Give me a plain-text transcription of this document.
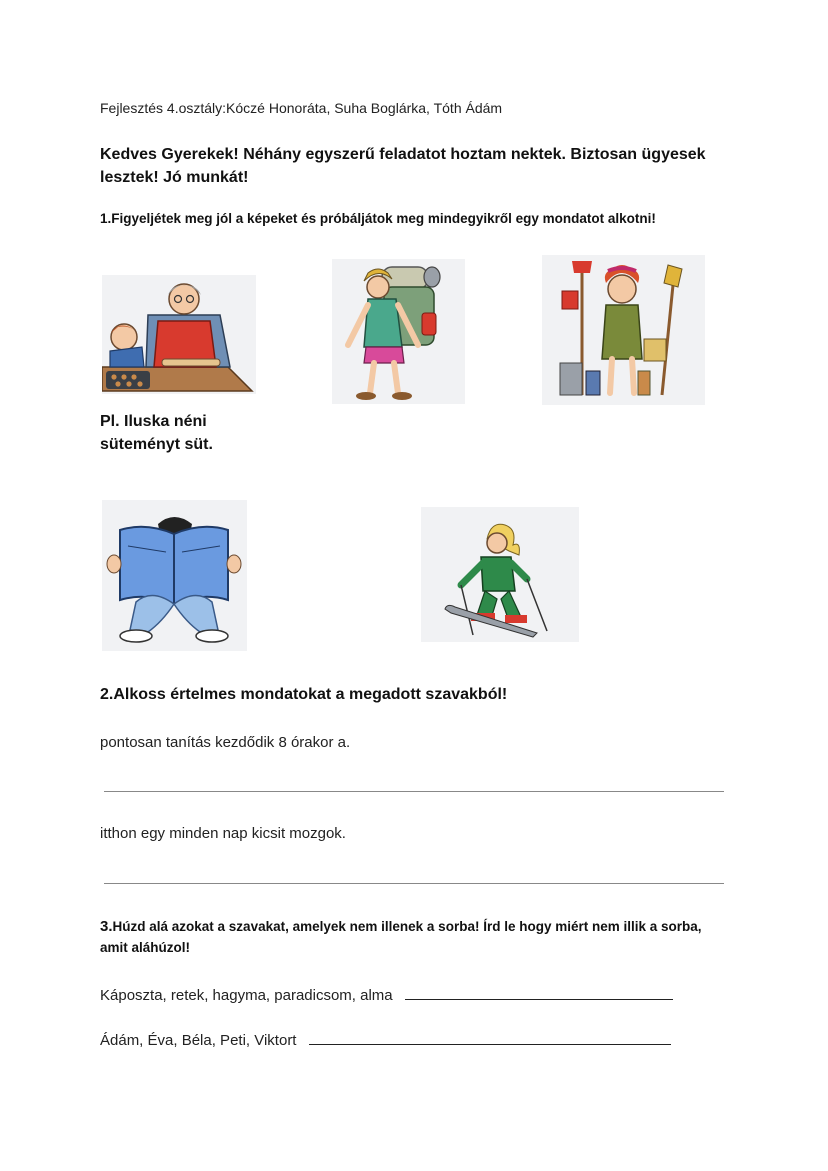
Fejlesztés 4.osztály:Kóczé Honoráta, Suha Boglárka, Tóth Ádám
Kedves Gyerekek! Néhány egyszerű feladatot hoztam nektek. Biztosan ügyesek lesztek! Jó munkát!
1.Figyeljétek meg jól a képeket és próbáljátok meg mindegyikről egy mondatot alkotni!
Pl. Iluska néni
süteményt süt.
2.Alkoss értelmes mondatokat a megadott szavakból!
pontosan tanítás kezdődik 8 órakor a.
itthon egy minden nap kicsit mozgok.
3.Húzd alá azokat a szavakat, amelyek nem illenek a sorba! Írd le hogy miért nem illik a sorba, amit aláhúzol!
Káposzta, retek, hagyma, paradicsom, alma
Ádám, Éva, Béla, Peti, Viktort
